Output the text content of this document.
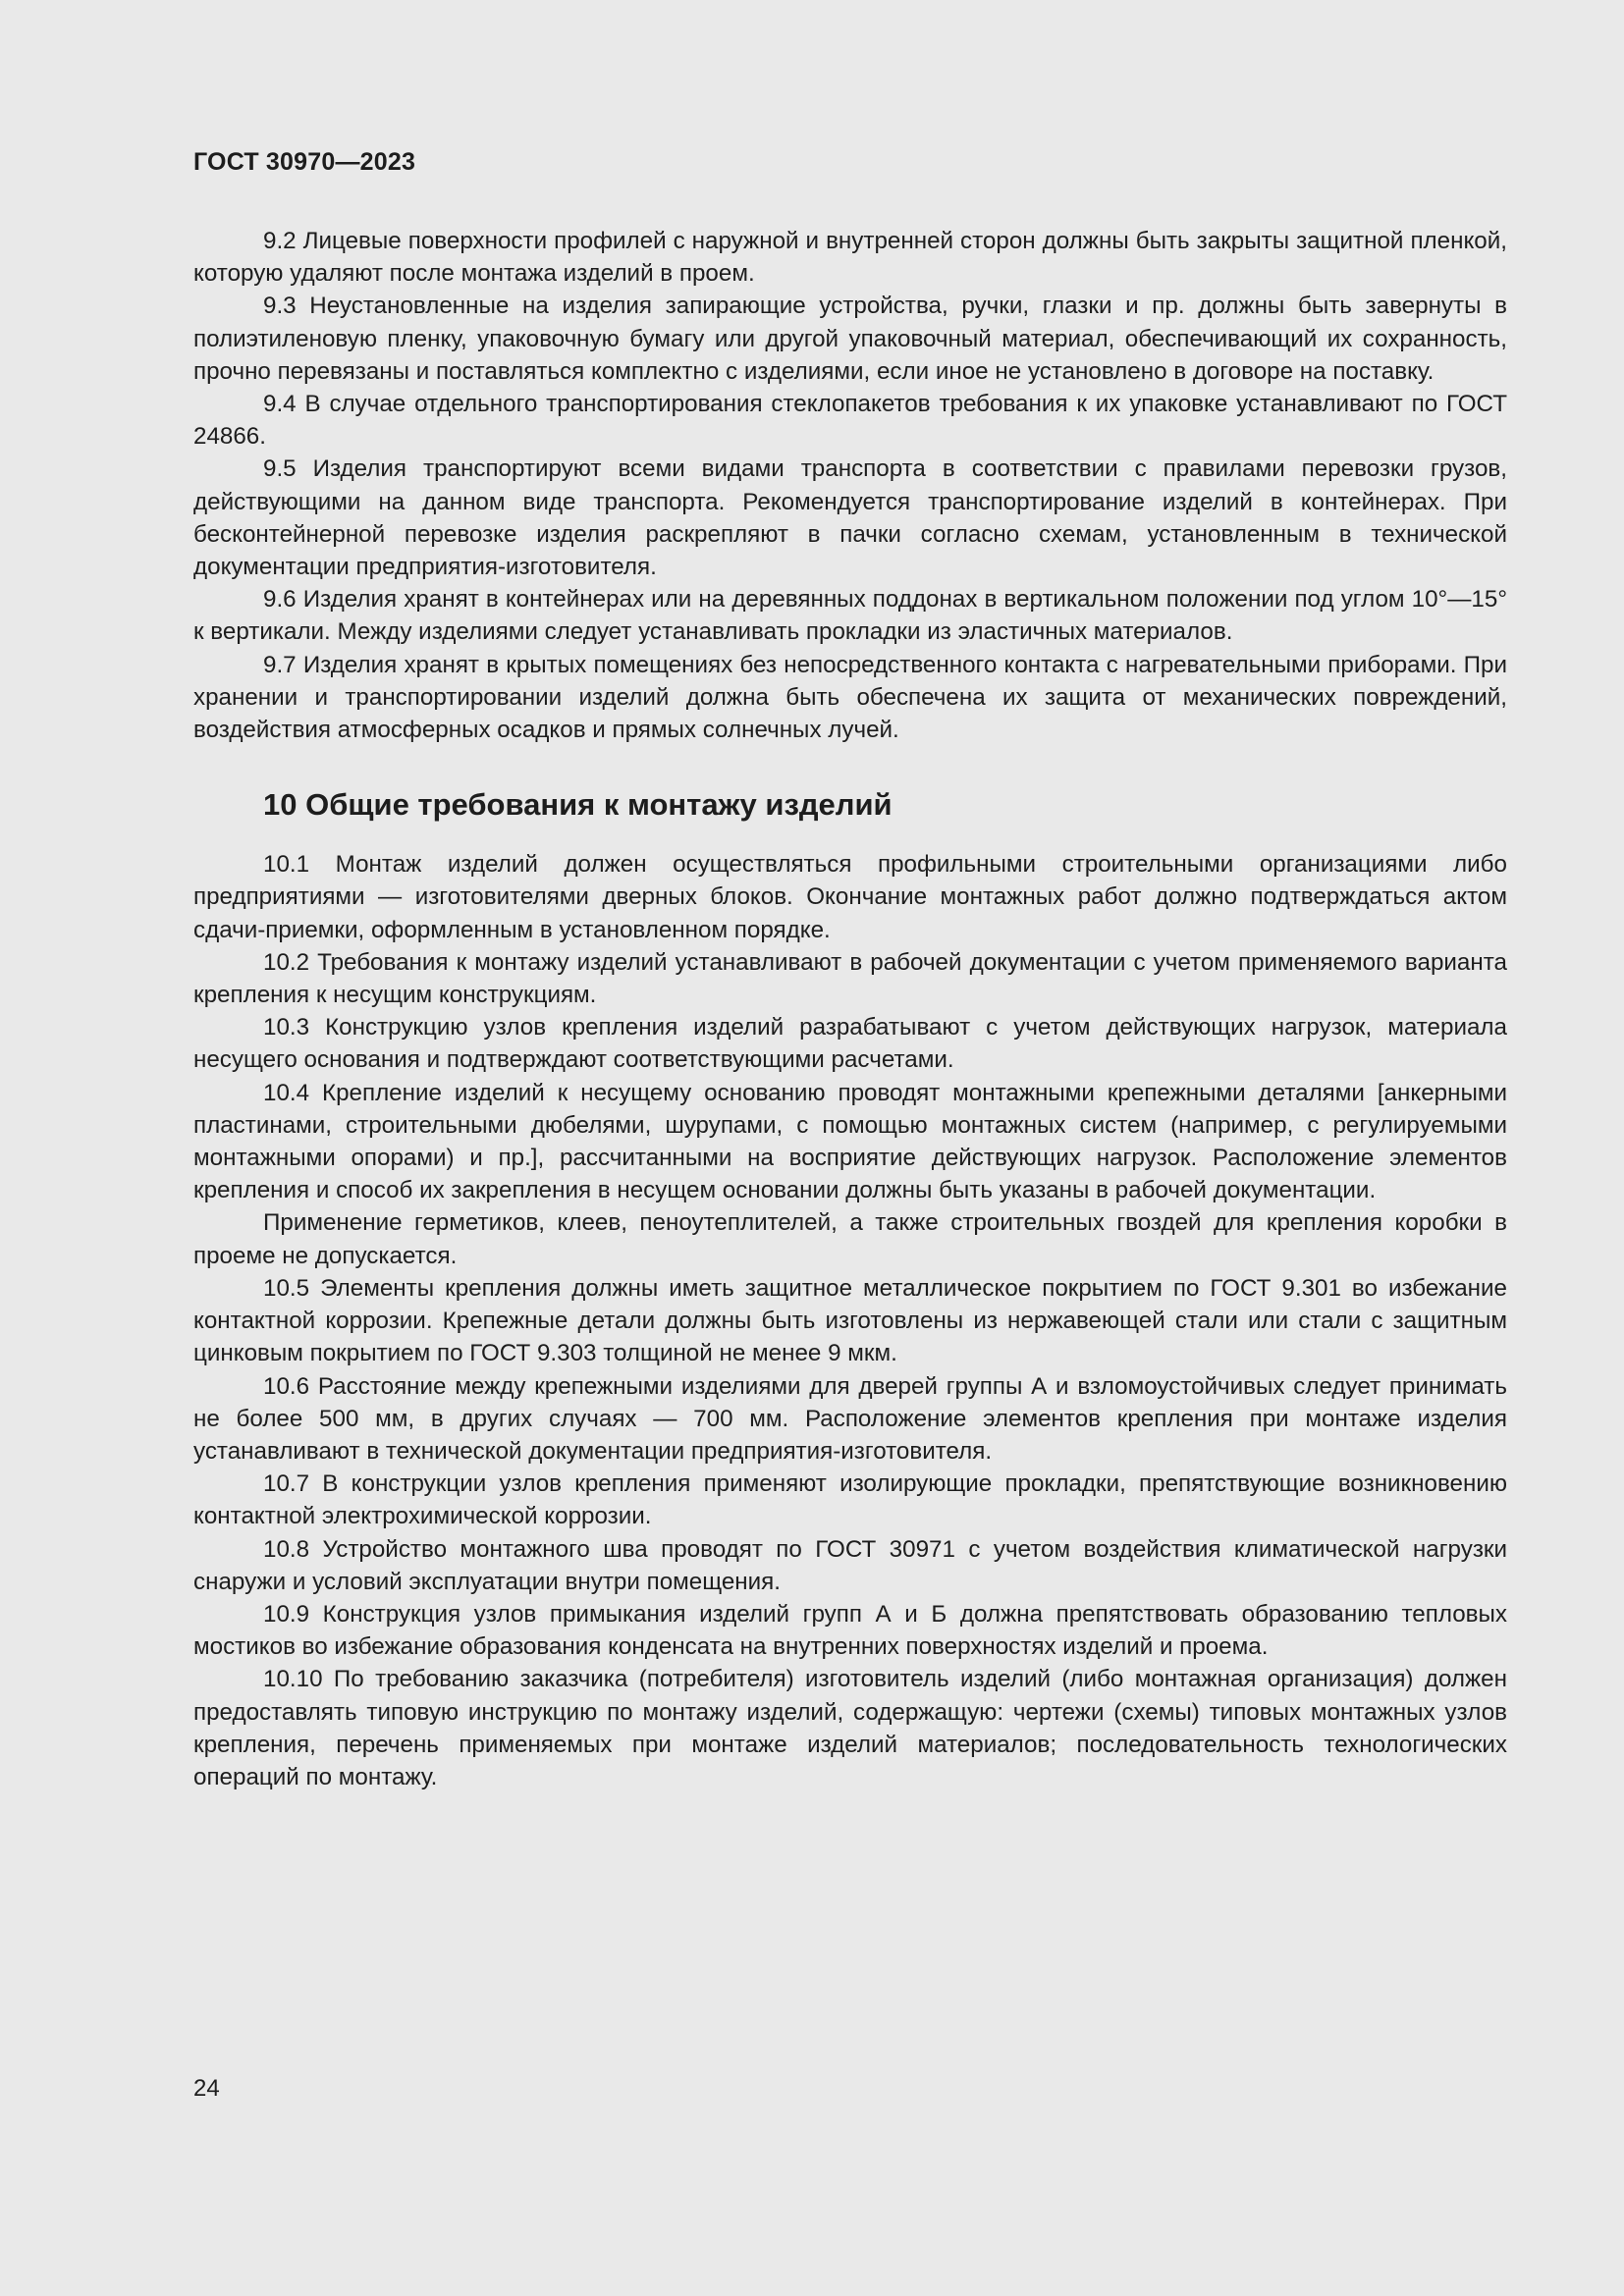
ГОСТ 30970—2023

9.2 Лицевые поверхности профилей с наружной и внутренней сторон должны быть закрыты защитной пленкой, которую удаляют после монтажа изделий в проем.

9.3 Неустановленные на изделия запирающие устройства, ручки, глазки и пр. должны быть завернуты в полиэтиленовую пленку, упаковочную бумагу или другой упаковочный материал, обеспечивающий их сохранность, прочно перевязаны и поставляться комплектно с изделиями, если иное не установлено в договоре на поставку.

9.4 В случае отдельного транспортирования стеклопакетов требования к их упаковке устанавливают по ГОСТ 24866.

9.5 Изделия транспортируют всеми видами транспорта в соответствии с правилами перевозки грузов, действующими на данном виде транспорта. Рекомендуется транспортирование изделий в контейнерах. При бесконтейнерной перевозке изделия раскрепляют в пачки согласно схемам, установленным в технической документации предприятия-изготовителя.

9.6 Изделия хранят в контейнерах или на деревянных поддонах в вертикальном положении под углом 10°—15° к вертикали. Между изделиями следует устанавливать прокладки из эластичных материалов.

9.7 Изделия хранят в крытых помещениях без непосредственного контакта с нагревательными приборами. При хранении и транспортировании изделий должна быть обеспечена их защита от механических повреждений, воздействия атмосферных осадков и прямых солнечных лучей.

10 Общие требования к монтажу изделий

10.1 Монтаж изделий должен осуществляться профильными строительными организациями либо предприятиями — изготовителями дверных блоков. Окончание монтажных работ должно подтверждаться актом сдачи-приемки, оформленным в установленном порядке.

10.2 Требования к монтажу изделий устанавливают в рабочей документации с учетом применяемого варианта крепления к несущим конструкциям.

10.3 Конструкцию узлов крепления изделий разрабатывают с учетом действующих нагрузок, материала несущего основания и подтверждают соответствующими расчетами.

10.4 Крепление изделий к несущему основанию проводят монтажными крепежными деталями [анкерными пластинами, строительными дюбелями, шурупами, с помощью монтажных систем (например, с регулируемыми монтажными опорами) и пр.], рассчитанными на восприятие действующих нагрузок. Расположение элементов крепления и способ их закрепления в несущем основании должны быть указаны в рабочей документации.

Применение герметиков, клеев, пеноутеплителей, а также строительных гвоздей для крепления коробки в проеме не допускается.

10.5 Элементы крепления должны иметь защитное металлическое покрытием по ГОСТ 9.301 во избежание контактной коррозии. Крепежные детали должны быть изготовлены из нержавеющей стали или стали с защитным цинковым покрытием по ГОСТ 9.303 толщиной не менее 9 мкм.

10.6 Расстояние между крепежными изделиями для дверей группы А и взломоустойчивых следует принимать не более 500 мм, в других случаях — 700 мм. Расположение элементов крепления при монтаже изделия устанавливают в технической документации предприятия-изготовителя.

10.7 В конструкции узлов крепления применяют изолирующие прокладки, препятствующие возникновению контактной электрохимической коррозии.

10.8 Устройство монтажного шва проводят по ГОСТ 30971 с учетом воздействия климатической нагрузки снаружи и условий эксплуатации внутри помещения.

10.9 Конструкция узлов примыкания изделий групп А и Б должна препятствовать образованию тепловых мостиков во избежание образования конденсата на внутренних поверхностях изделий и проема.

10.10 По требованию заказчика (потребителя) изготовитель изделий (либо монтажная организация) должен предоставлять типовую инструкцию по монтажу изделий, содержащую: чертежи (схемы) типовых монтажных узлов крепления, перечень применяемых при монтаже изделий материалов; последовательность технологических операций по монтажу.

24
